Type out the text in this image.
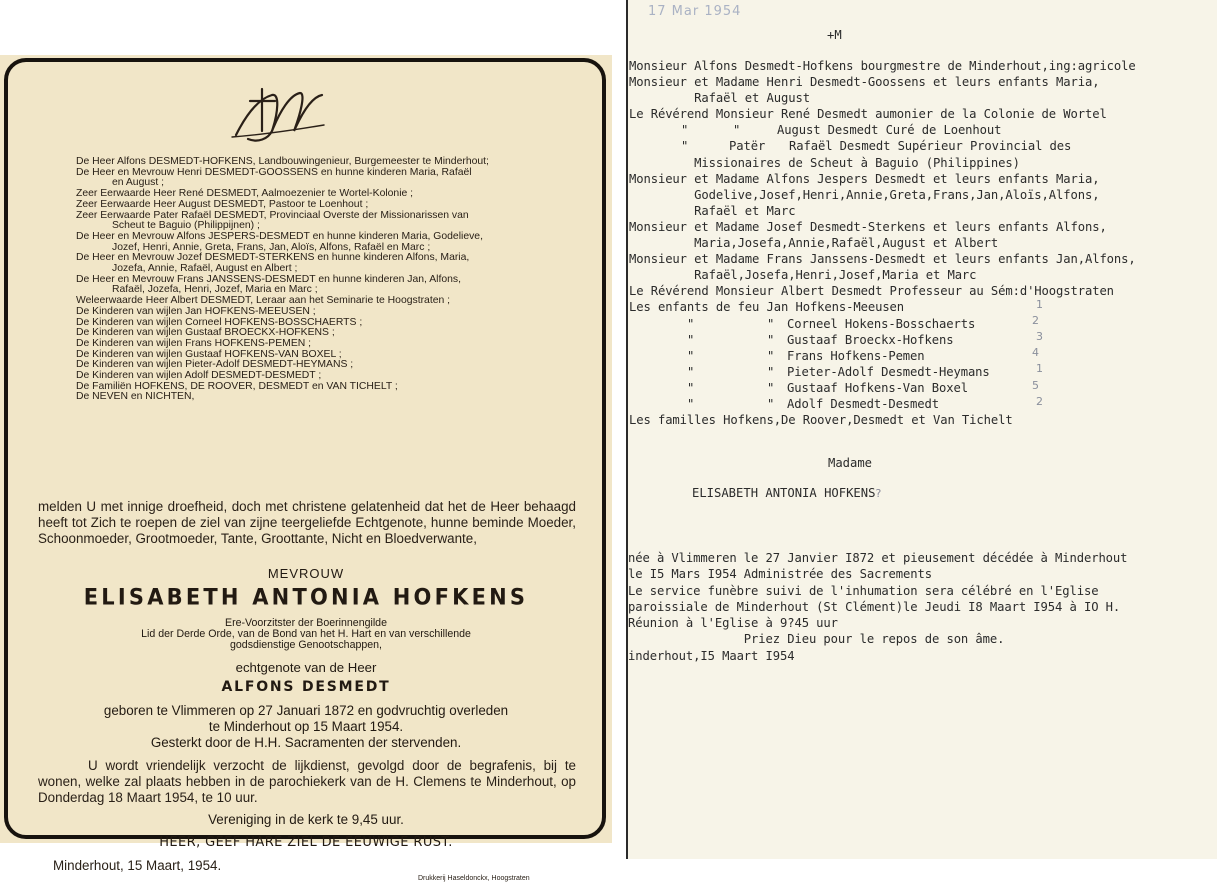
De Heer Alfons DESMEDT-HOFKENS, Landbouwingenieur, Burgemeester te Minderhout;
De Heer en Mevrouw Henri DESMEDT-GOOSSENS en hunne kinderen Maria, Rafaël
en August ;
Zeer Eerwaarde Heer René DESMEDT, Aalmoezenier te Wortel-Kolonie ;
Zeer Eerwaarde Heer August DESMEDT, Pastoor te Loenhout ;
Zeer Eerwaarde Pater Rafaël DESMEDT, Provinciaal Overste der Missionarissen van
Scheut te Baguio (Philippijnen) ;
De Heer en Mevrouw Alfons JESPERS-DESMEDT en hunne kinderen Maria, Godelieve,
Jozef, Henri, Annie, Greta, Frans, Jan, Aloïs, Alfons, Rafaël en Marc ;
De Heer en Mevrouw Jozef DESMEDT-STERKENS en hunne kinderen Alfons, Maria,
Jozefa, Annie, Rafaël, August en Albert ;
De Heer en Mevrouw Frans JANSSENS-DESMEDT en hunne kinderen Jan, Alfons,
Rafaël, Jozefa, Henri, Jozef, Maria en Marc ;
Weleerwaarde Heer Albert DESMEDT, Leraar aan het Seminarie te Hoogstraten ;
De Kinderen van wijlen Jan HOFKENS-MEEUSEN ;
De Kinderen van wijlen Corneel HOFKENS-BOSSCHAERTS ;
De Kinderen van wijlen Gustaaf BROECKX-HOFKENS ;
De Kinderen van wijlen Frans HOFKENS-PEMEN ;
De Kinderen van wijlen Gustaaf HOFKENS-VAN BOXEL ;
De Kinderen van wijlen Pieter-Adolf DESMEDT-HEYMANS ;
De Kinderen van wijlen Adolf DESMEDT-DESMEDT ;
De Familiën HOFKENS, DE ROOVER, DESMEDT en VAN TICHELT ;
De NEVEN en NICHTEN,
melden U met innige droefheid, doch met christene gelatenheid dat het de Heer behaagd heeft tot Zich te roepen de ziel van zijne teergeliefde Echtgenote, hunne beminde Moeder, Schoonmoeder, Grootmoeder, Tante, Groottante, Nicht en Bloedverwante,
MEVROUW
ELISABETH ANTONIA HOFKENS
Ere-Voorzitster der Boerinnengilde
Lid der Derde Orde, van de Bond van het H. Hart en van verschillende
godsdienstige Genootschappen,
echtgenote van de Heer
ALFONS DESMEDT
geboren te Vlimmeren op 27 Januari 1872 en godvruchtig overleden
te Minderhout op 15 Maart 1954.
Gesterkt door de H.H. Sacramenten der stervenden.
U wordt vriendelijk verzocht de lijkdienst, gevolgd door de begrafenis, bij te wonen, welke zal plaats hebben in de parochiekerk van de H. Clemens te Minderhout, op Donderdag 18 Maart 1954, te 10 uur.
Vereniging in de kerk te 9,45 uur.
HEER, GEEF HARE ZIEL DE EEUWIGE RUST.
Minderhout, 15 Maart, 1954.
Drukkerij Haseldonckx, Hoogstraten
17 Mar 1954
+M
Monsieur Alfons Desmedt-Hofkens bourgmestre de Minderhout,ing:agricole
Monsieur et Madame Henri Desmedt-Goossens et leurs enfants Maria,
Rafaël et August
Le Révérend Monsieur René Desmedt aumonier de la Colonie de Wortel
"	"	August Desmedt Curé de Loenhout
"	Patër Rafaël Desmedt Supérieur Provincial des
Missionaires de Scheut à Baguio (Philippines)
Monsieur et Madame Alfons Jespers Desmedt et leurs enfants Maria,
Godelive,Josef,Henri,Annie,Greta,Frans,Jan,Aloïs,Alfons,
Rafaël et Marc
Monsieur et Madame Josef Desmedt-Sterkens et leurs enfants Alfons,
Maria,Josefa,Annie,Rafaël,August et Albert
Monsieur et Madame Frans Janssens-Desmedt et leurs enfants Jan,Alfons,
Rafaël,Josefa,Henri,Josef,Maria et Marc
Le Révérend Monsieur Albert Desmedt Professeur au Sém:d'Hoogstraten
Les enfants de feu Jan Hofkens-Meeusen
"	" Corneel Hokens-Bosschaerts
"	" Gustaaf Broeckx-Hofkens
"	" Frans Hofkens-Pemen
"	" Pieter-Adolf Desmedt-Heymans
"	" Gustaaf Hofkens-Van Boxel
"	" Adolf Desmedt-Desmedt
Les familles Hofkens,De Roover,Desmedt et Van Tichelt
1
2
3
4
1
5
2
Madame
ELISABETH ANTONIA HOFKENS?
née à Vlimmeren le 27 Janvier I872 et pieusement décédée à Minderhout
le I5 Mars I954 Administrée des Sacrements
Le service funèbre suivi de l'inhumation sera célébré en l'Eglise
paroissiale de Minderhout (St Clément)le Jeudi I8 Maart I954 à IO H.
Réunion à l'Eglise à 9?45 uur
Priez Dieu pour le repos de son âme.
inderhout,I5 Maart I954
